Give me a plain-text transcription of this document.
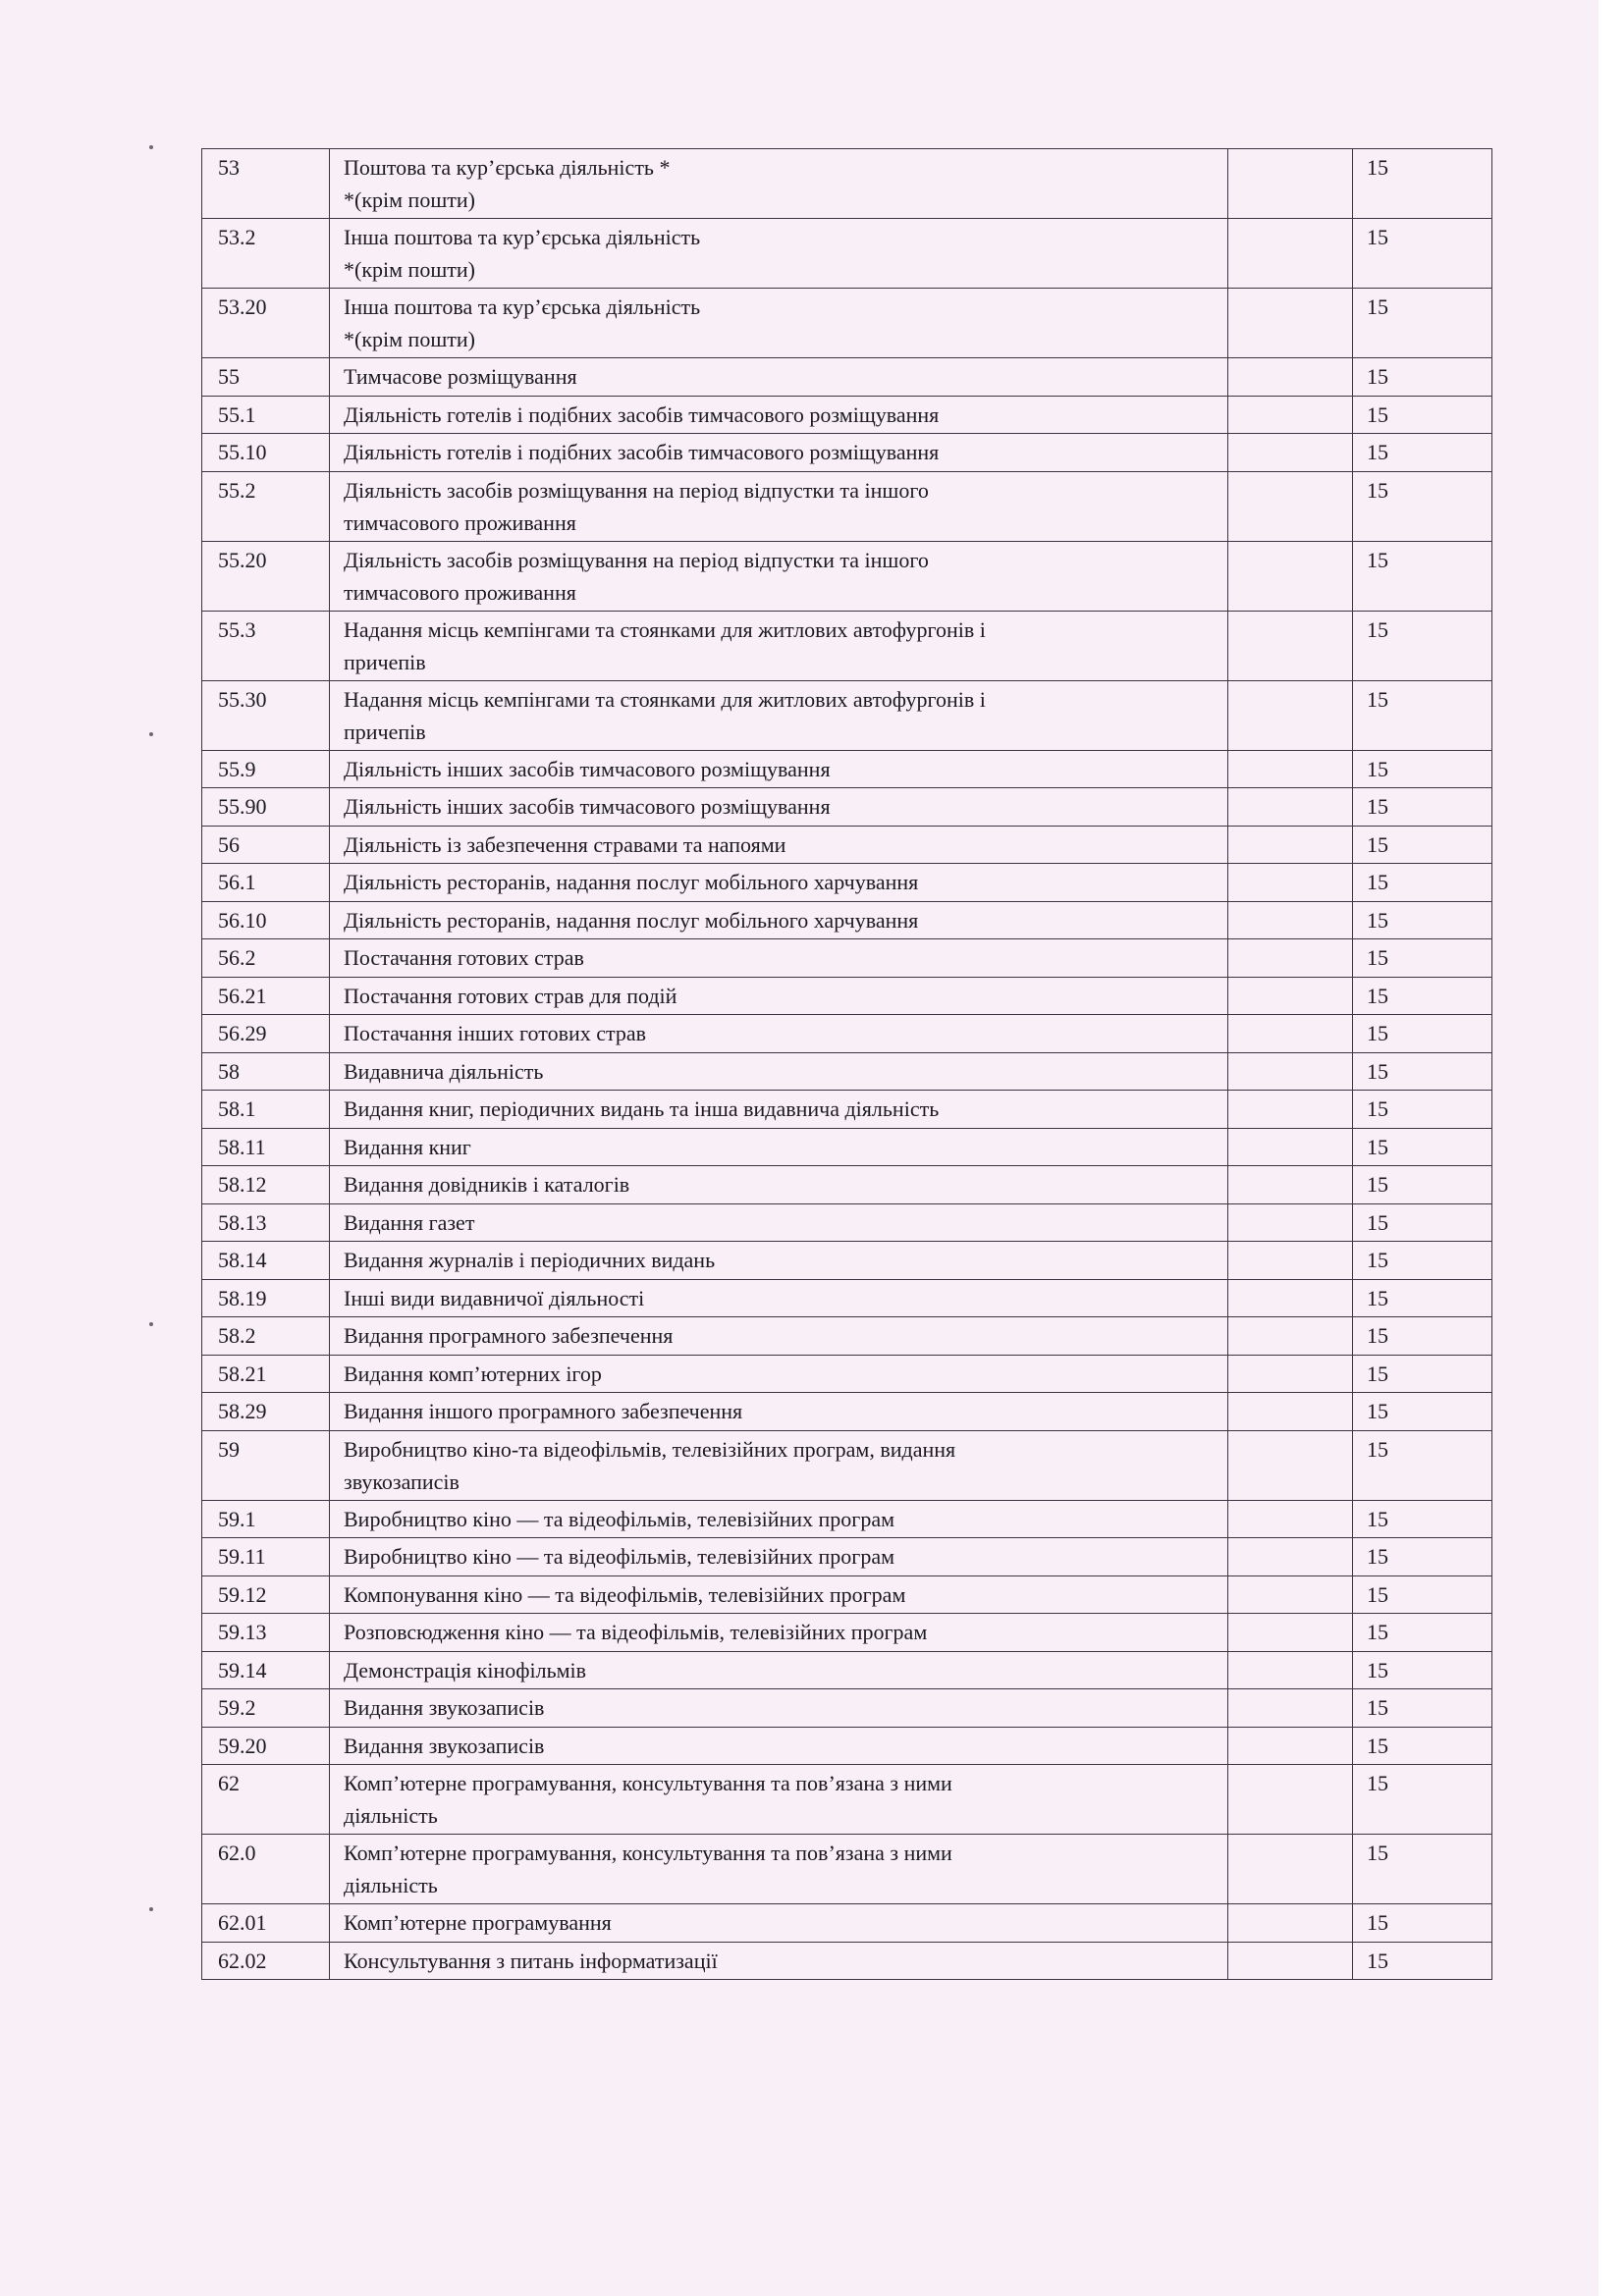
53	Поштова та кур’єрська діяльність *
*(крім пошти)		15
53.2	Інша поштова та кур’єрська діяльність
*(крім пошти)		15
53.20	Інша поштова та кур’єрська діяльність
*(крім пошти)		15
55	Тимчасове розміщування		15
55.1	Діяльність готелів і подібних засобів тимчасового розміщування		15
55.10	Діяльність готелів і подібних засобів тимчасового розміщування		15
55.2	Діяльність засобів розміщування на період відпустки та іншого
тимчасового проживання		15
55.20	Діяльність засобів розміщування на період відпустки та іншого
тимчасового проживання		15
55.3	Надання місць кемпінгами та стоянками для житлових автофургонів і
причепів		15
55.30	Надання місць кемпінгами та стоянками для житлових автофургонів і
причепів		15
55.9	Діяльність інших засобів тимчасового розміщування		15
55.90	Діяльність інших засобів тимчасового розміщування		15
56	Діяльність із забезпечення стравами та напоями		15
56.1	Діяльність ресторанів, надання послуг мобільного харчування		15
56.10	Діяльність ресторанів, надання послуг мобільного харчування		15
56.2	Постачання готових страв		15
56.21	Постачання готових страв для подій		15
56.29	Постачання інших готових страв		15
58	Видавнича діяльність		15
58.1	Видання книг, періодичних видань та інша видавнича діяльність		15
58.11	Видання книг		15
58.12	Видання довідників і каталогів		15
58.13	Видання газет		15
58.14	Видання журналів і періодичних видань		15
58.19	Інші види видавничої діяльності		15
58.2	Видання програмного забезпечення		15
58.21	Видання комп’ютерних ігор		15
58.29	Видання іншого програмного забезпечення		15
59	Виробництво кіно-та відеофільмів, телевізійних програм, видання
звукозаписів		15
59.1	Виробництво кіно — та відеофільмів, телевізійних програм		15
59.11	Виробництво кіно — та відеофільмів, телевізійних програм		15
59.12	Компонування кіно — та відеофільмів, телевізійних програм		15
59.13	Розповсюдження кіно — та відеофільмів, телевізійних програм		15
59.14	Демонстрація кінофільмів		15
59.2	Видання звукозаписів		15
59.20	Видання звукозаписів		15
62	Комп’ютерне програмування, консультування та пов’язана з ними
діяльність		15
62.0	Комп’ютерне програмування, консультування та пов’язана з ними
діяльність		15
62.01	Комп’ютерне програмування		15
62.02	Консультування з питань інформатизації		15
